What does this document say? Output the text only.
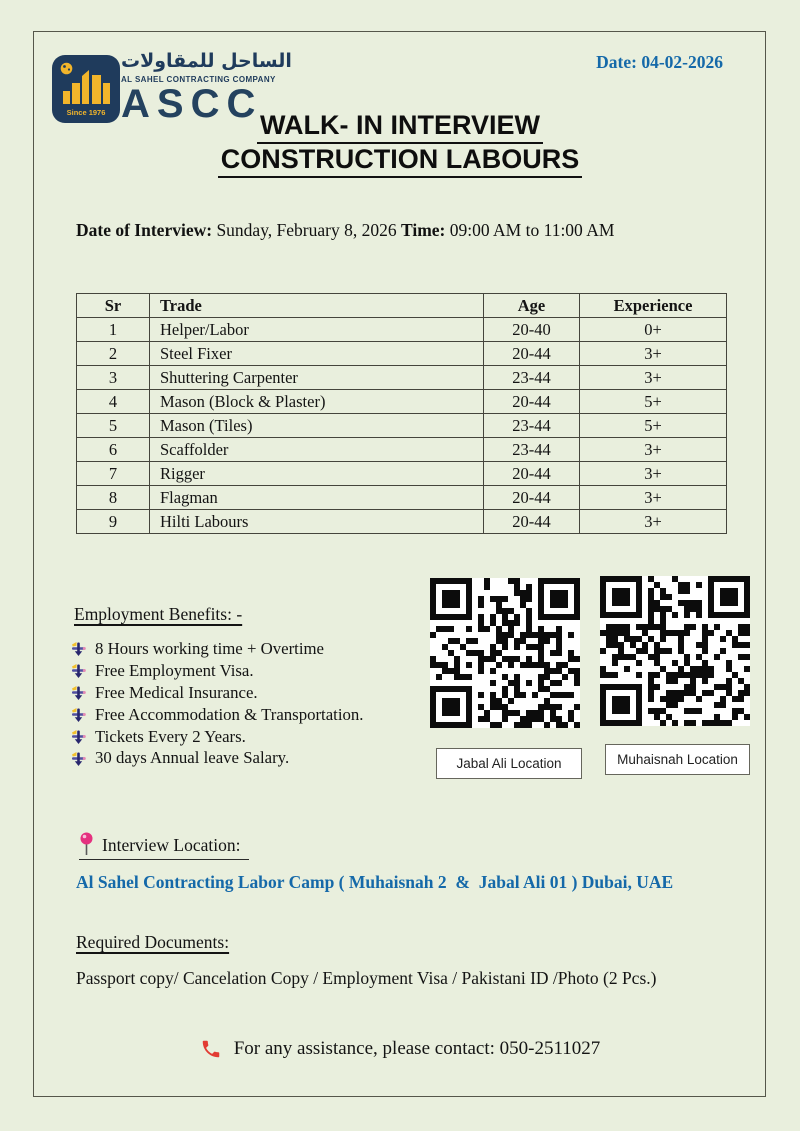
Since 1976
الساحل للمقاولات
AL SAHEL CONTRACTING COMPANY
ASCC
Date: 04-02-2026
WALK- IN INTERVIEW
CONSTRUCTION LABOURS
Date of Interview: Sunday, February 8, 2026 Time: 09:00 AM to 11:00 AM
Sr	Trade	Age	Experience
1	Helper/Labor	20-40	0+
2	Steel Fixer	20-44	3+
3	Shuttering Carpenter	23-44	3+
4	Mason (Block & Plaster)	20-44	5+
5	Mason (Tiles)	23-44	5+
6	Scaffolder	23-44	3+
7	Rigger	20-44	3+
8	Flagman	20-44	3+
9	Hilti Labours	20-44	3+
Employment Benefits: -
8 Hours working time + Overtime
Free Employment Visa.
Free Medical Insurance.
Free Accommodation & Transportation.
Tickets Every 2 Years.
30 days Annual leave Salary.	Jabal Ali Location	Muhaisnah Location
Interview Location:
Al Sahel Contracting Labor Camp ( Muhaisnah 2  &  Jabal Ali 01 ) Dubai, UAE
Required Documents:
Passport copy/ Cancelation Copy / Employment Visa / Pakistani ID /Photo (2 Pcs.)
For any assistance, please contact: 050-2511027
